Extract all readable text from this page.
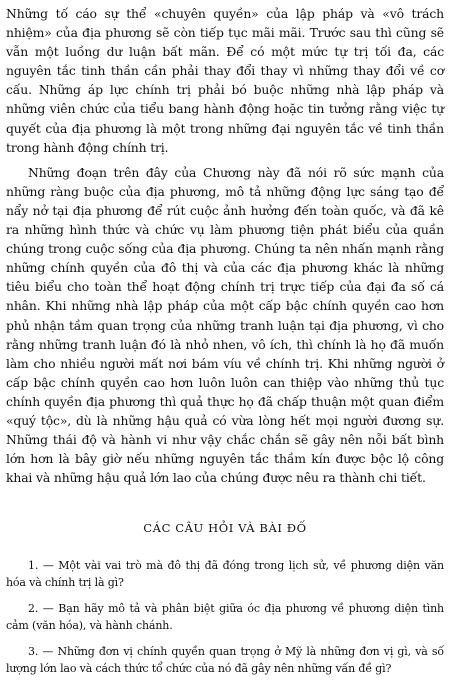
Những tố cáo sự thể «chuyên quyền» của lập pháp và «vô trách nhiệm» của địa phương sẽ còn tiếp tục mãi mãi. Trước sau thì cũng sẽ vẫn một luồng dư luận bất mãn. Để có một mức tự trị tối đa, các nguyên tắc tinh thần cần phải thay đổi thay vì những thay đổi về cơ cấu. Những áp lực chính trị phải bó buộc những nhà lập pháp và những viên chức của tiểu bang hành động hoặc tin tưởng rằng việc tự quyết của địa phương là một trong những đại nguyên tắc về tinh thần trong hành động chính trị.

Những đoạn trên đây của Chương này đã nói rõ sức mạnh của những ràng buộc của địa phương, mô tả những động lực sáng tạo để nẩy nở tại địa phương để rút cuộc ảnh hưởng đến toàn quốc, và đã kê ra những hình thức và chức vụ làm phương tiện phát biểu của quần chúng trong cuộc sống của địa phương. Chúng ta nên nhấn mạnh rằng những chính quyền của đô thị và của các địa phương khác là những tiêu biểu cho toàn thể hoạt động chính trị trực tiếp của đại đa số cá nhân. Khi những nhà lập pháp của một cấp bậc chính quyền cao hơn phủ nhận tầm quan trọng của những tranh luận tại địa phương, vì cho rằng những tranh luận đó là nhỏ nhen, vô ích, thì chính là họ đã muốn làm cho nhiều người mất nơi bám víu về chính trị. Khi những người ở cấp bậc chính quyền cao hơn luôn luôn can thiệp vào những thủ tục chính quyền địa phương thì quả thực họ đã chấp thuận một quan điểm «quý tộc», dù là những hậu quả có vừa lòng hết mọi người đương sự. Những thái độ và hành vi như vậy chắc chắn sẽ gây nên nỗi bất bình lớn hơn là bây giờ nếu những nguyên tắc thầm kín được bộc lộ công khai và những hậu quả lớn lao của chúng được nêu ra thành chi tiết.

CÁC CÂU HỎI VÀ BÀI ĐỐ

1. — Một vài vai trò mà đô thị đã đóng trong lịch sử, về phương diện văn hóa và chính trị là gì?

2. — Bạn hãy mô tả và phân biệt giữa óc địa phương về phương diện tình cảm (văn hóa), và hành chánh.

3. — Những đơn vị chính quyền quan trọng ở Mỹ là những đơn vị gì, và số lượng lớn lao và cách thức tổ chức của nó đã gây nên những vấn đề gì?
